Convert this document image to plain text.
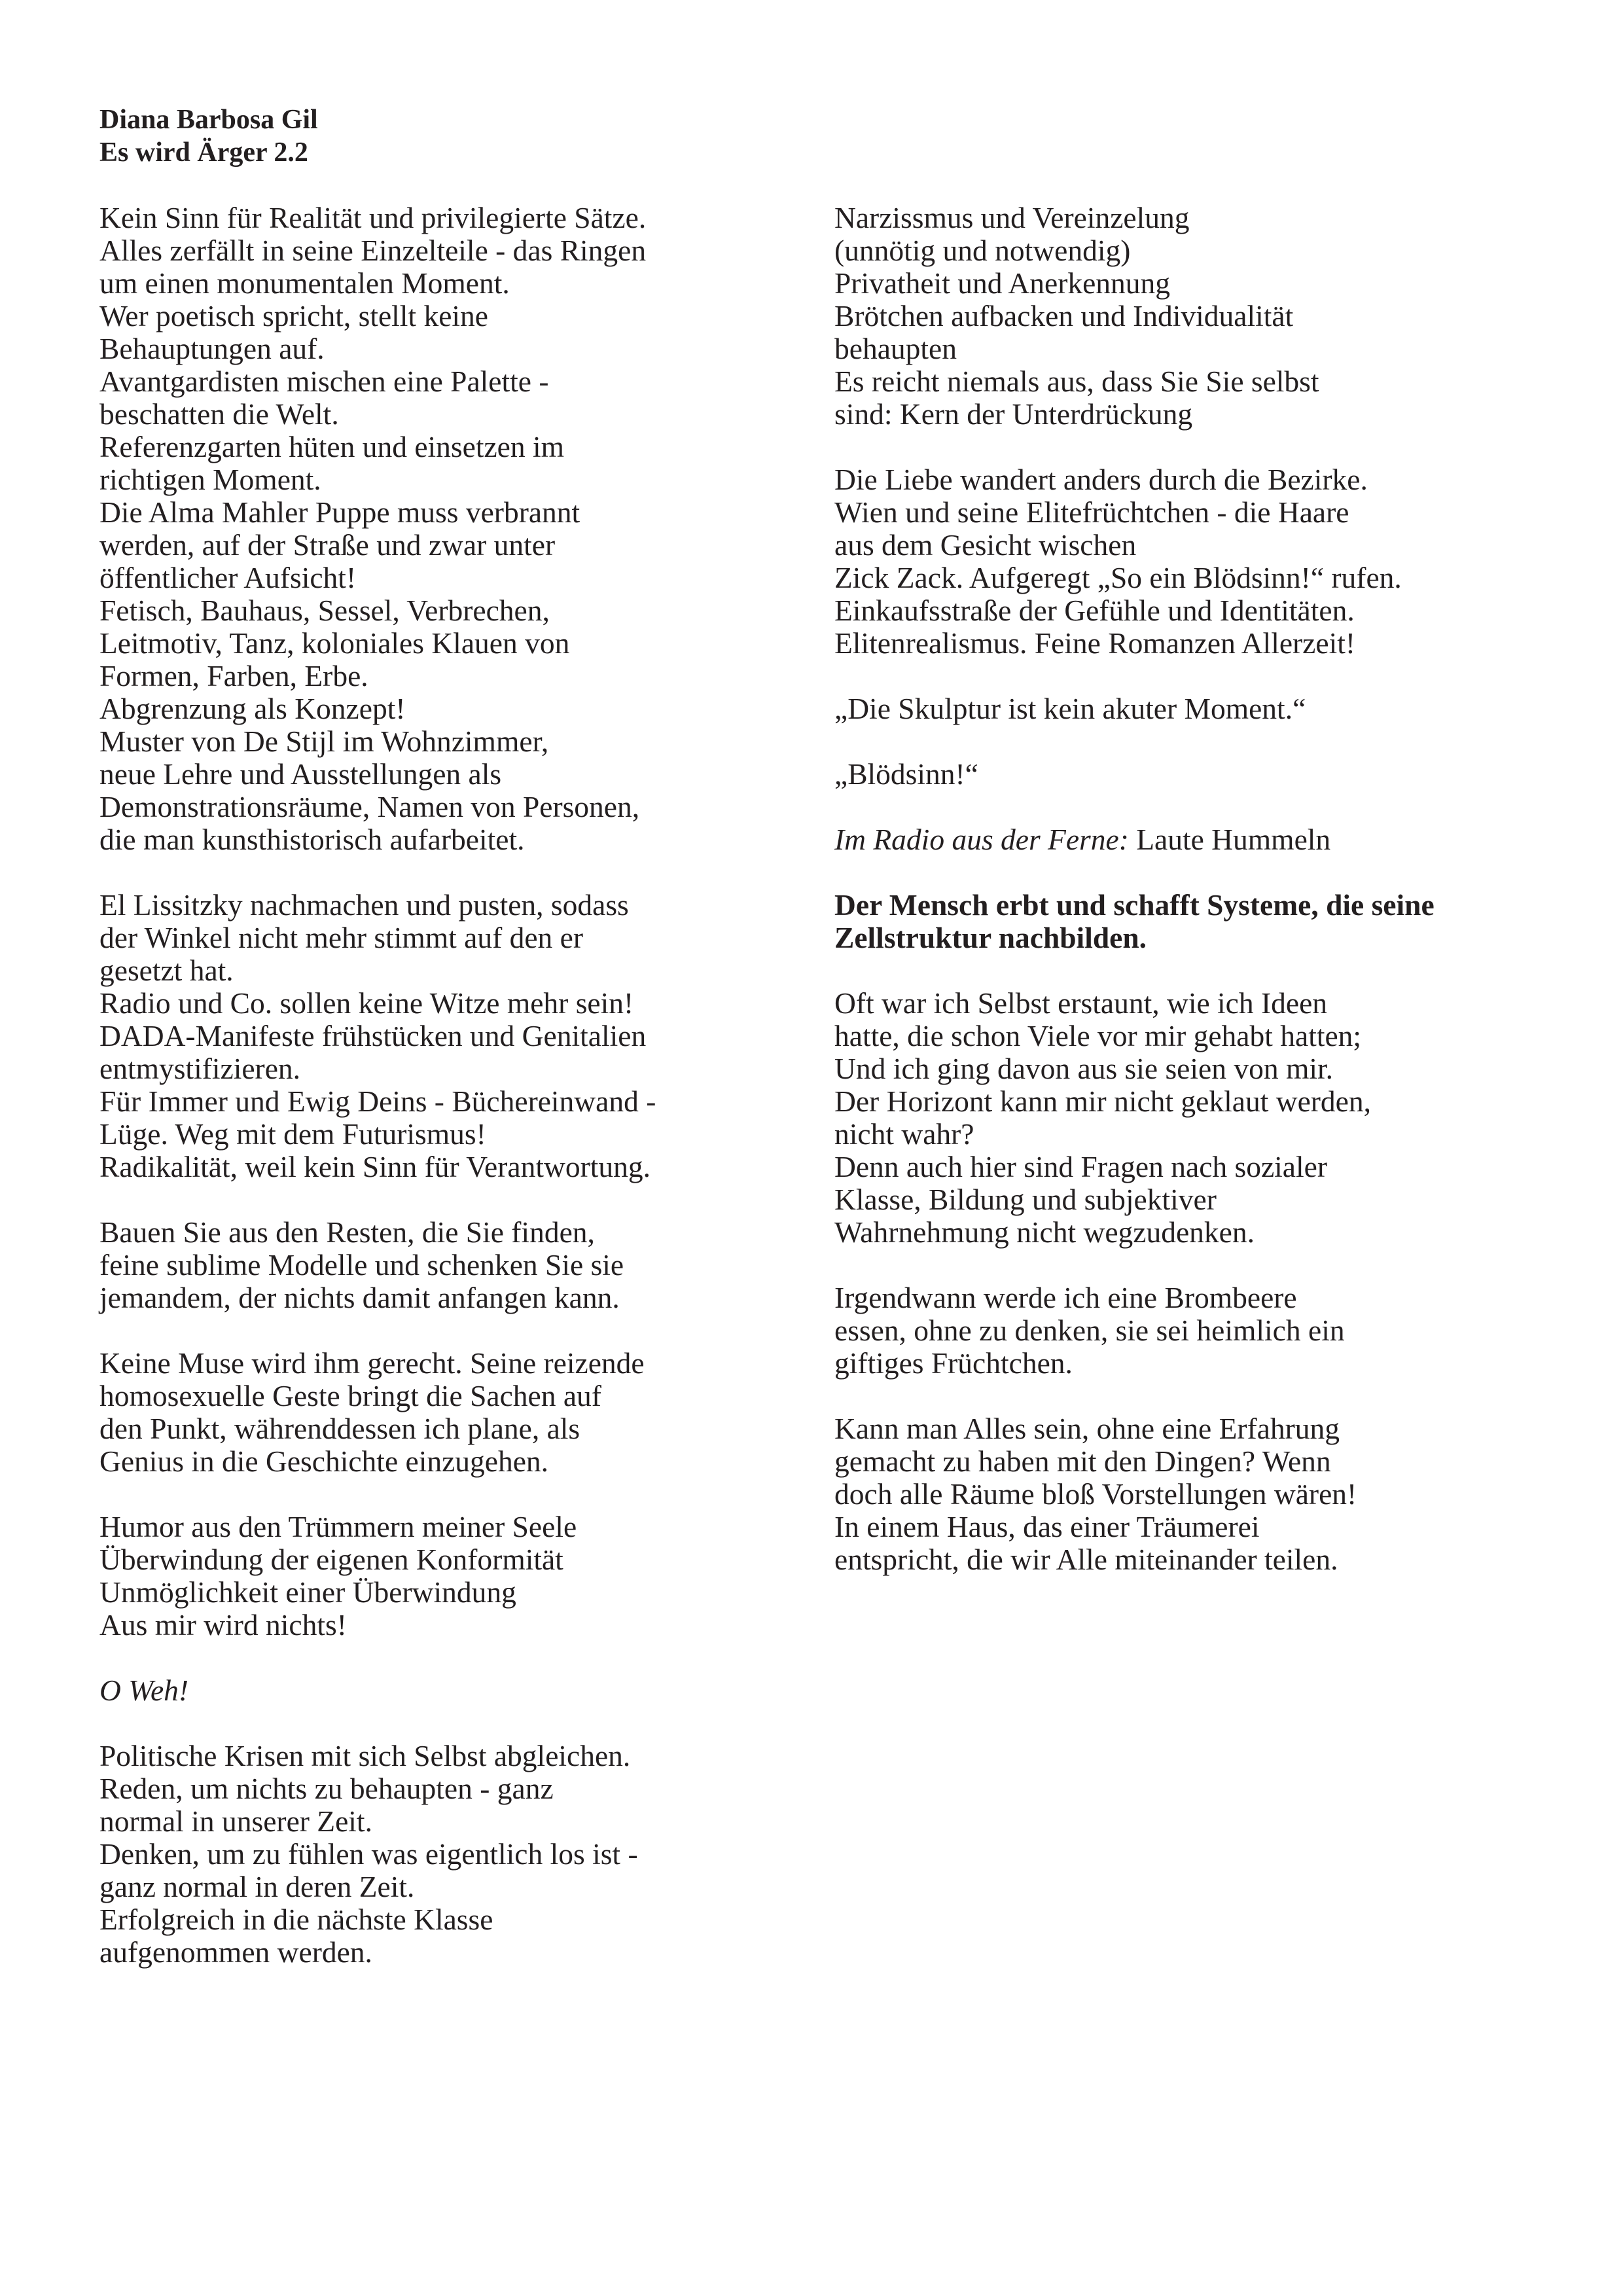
Diana Barbosa Gil
Es wird Ärger 2.2
Kein Sinn für Realität und privilegierte Sätze.
Alles zerfällt in seine Einzelteile - das Ringen
um einen monumentalen Moment.
Wer poetisch spricht, stellt keine
Behauptungen auf.
Avantgardisten mischen eine Palette -
beschatten die Welt.
Referenzgarten hüten und einsetzen im
richtigen Moment.
Die Alma Mahler Puppe muss verbrannt
werden, auf der Straße und zwar unter
öffentlicher Aufsicht!
Fetisch, Bauhaus, Sessel, Verbrechen,
Leitmotiv, Tanz, koloniales Klauen von
Formen, Farben, Erbe.
Abgrenzung als Konzept!
Muster von De Stijl im Wohnzimmer,
neue Lehre und Ausstellungen als
Demonstrationsräume, Namen von Personen,
die man kunsthistorisch aufarbeitet.
El Lissitzky nachmachen und pusten, sodass
der Winkel nicht mehr stimmt auf den er
gesetzt hat.
Radio und Co. sollen keine Witze mehr sein!
DADA-Manifeste frühstücken und Genitalien
entmystifizieren.
Für Immer und Ewig Deins - Büchereinwand -
Lüge. Weg mit dem Futurismus!
Radikalität, weil kein Sinn für Verantwortung.
Bauen Sie aus den Resten, die Sie finden,
feine sublime Modelle und schenken Sie sie
jemandem, der nichts damit anfangen kann.
Keine Muse wird ihm gerecht. Seine reizende
homosexuelle Geste bringt die Sachen auf
den Punkt, währenddessen ich plane, als
Genius in die Geschichte einzugehen.
Humor aus den Trümmern meiner Seele
Überwindung der eigenen Konformität
Unmöglichkeit einer Überwindung
Aus mir wird nichts!
O Weh!
Politische Krisen mit sich Selbst abgleichen.
Reden, um nichts zu behaupten - ganz
normal in unserer Zeit.
Denken, um zu fühlen was eigentlich los ist -
ganz normal in deren Zeit.
Erfolgreich in die nächste Klasse
aufgenommen werden.
Narzissmus und Vereinzelung
(unnötig und notwendig)
Privatheit und Anerkennung
Brötchen aufbacken und Individualität
behaupten
Es reicht niemals aus, dass Sie Sie selbst
sind: Kern der Unterdrückung
Die Liebe wandert anders durch die Bezirke.
Wien und seine Elitefrüchtchen - die Haare
aus dem Gesicht wischen
Zick Zack. Aufgeregt „So ein Blödsinn!“ rufen.
Einkaufsstraße der Gefühle und Identitäten.
Elitenrealismus. Feine Romanzen Allerzeit!
„Die Skulptur ist kein akuter Moment.“
„Blödsinn!“
Im Radio aus der Ferne: Laute Hummeln
Der Mensch erbt und schafft Systeme, die seine
Zellstruktur nachbilden.
Oft war ich Selbst erstaunt, wie ich Ideen
hatte, die schon Viele vor mir gehabt hatten;
Und ich ging davon aus sie seien von mir.
Der Horizont kann mir nicht geklaut werden,
nicht wahr?
Denn auch hier sind Fragen nach sozialer
Klasse, Bildung und subjektiver
Wahrnehmung nicht wegzudenken.
Irgendwann werde ich eine Brombeere
essen, ohne zu denken, sie sei heimlich ein
giftiges Früchtchen.
Kann man Alles sein, ohne eine Erfahrung
gemacht zu haben mit den Dingen? Wenn
doch alle Räume bloß Vorstellungen wären!
In einem Haus, das einer Träumerei
entspricht, die wir Alle miteinander teilen.
